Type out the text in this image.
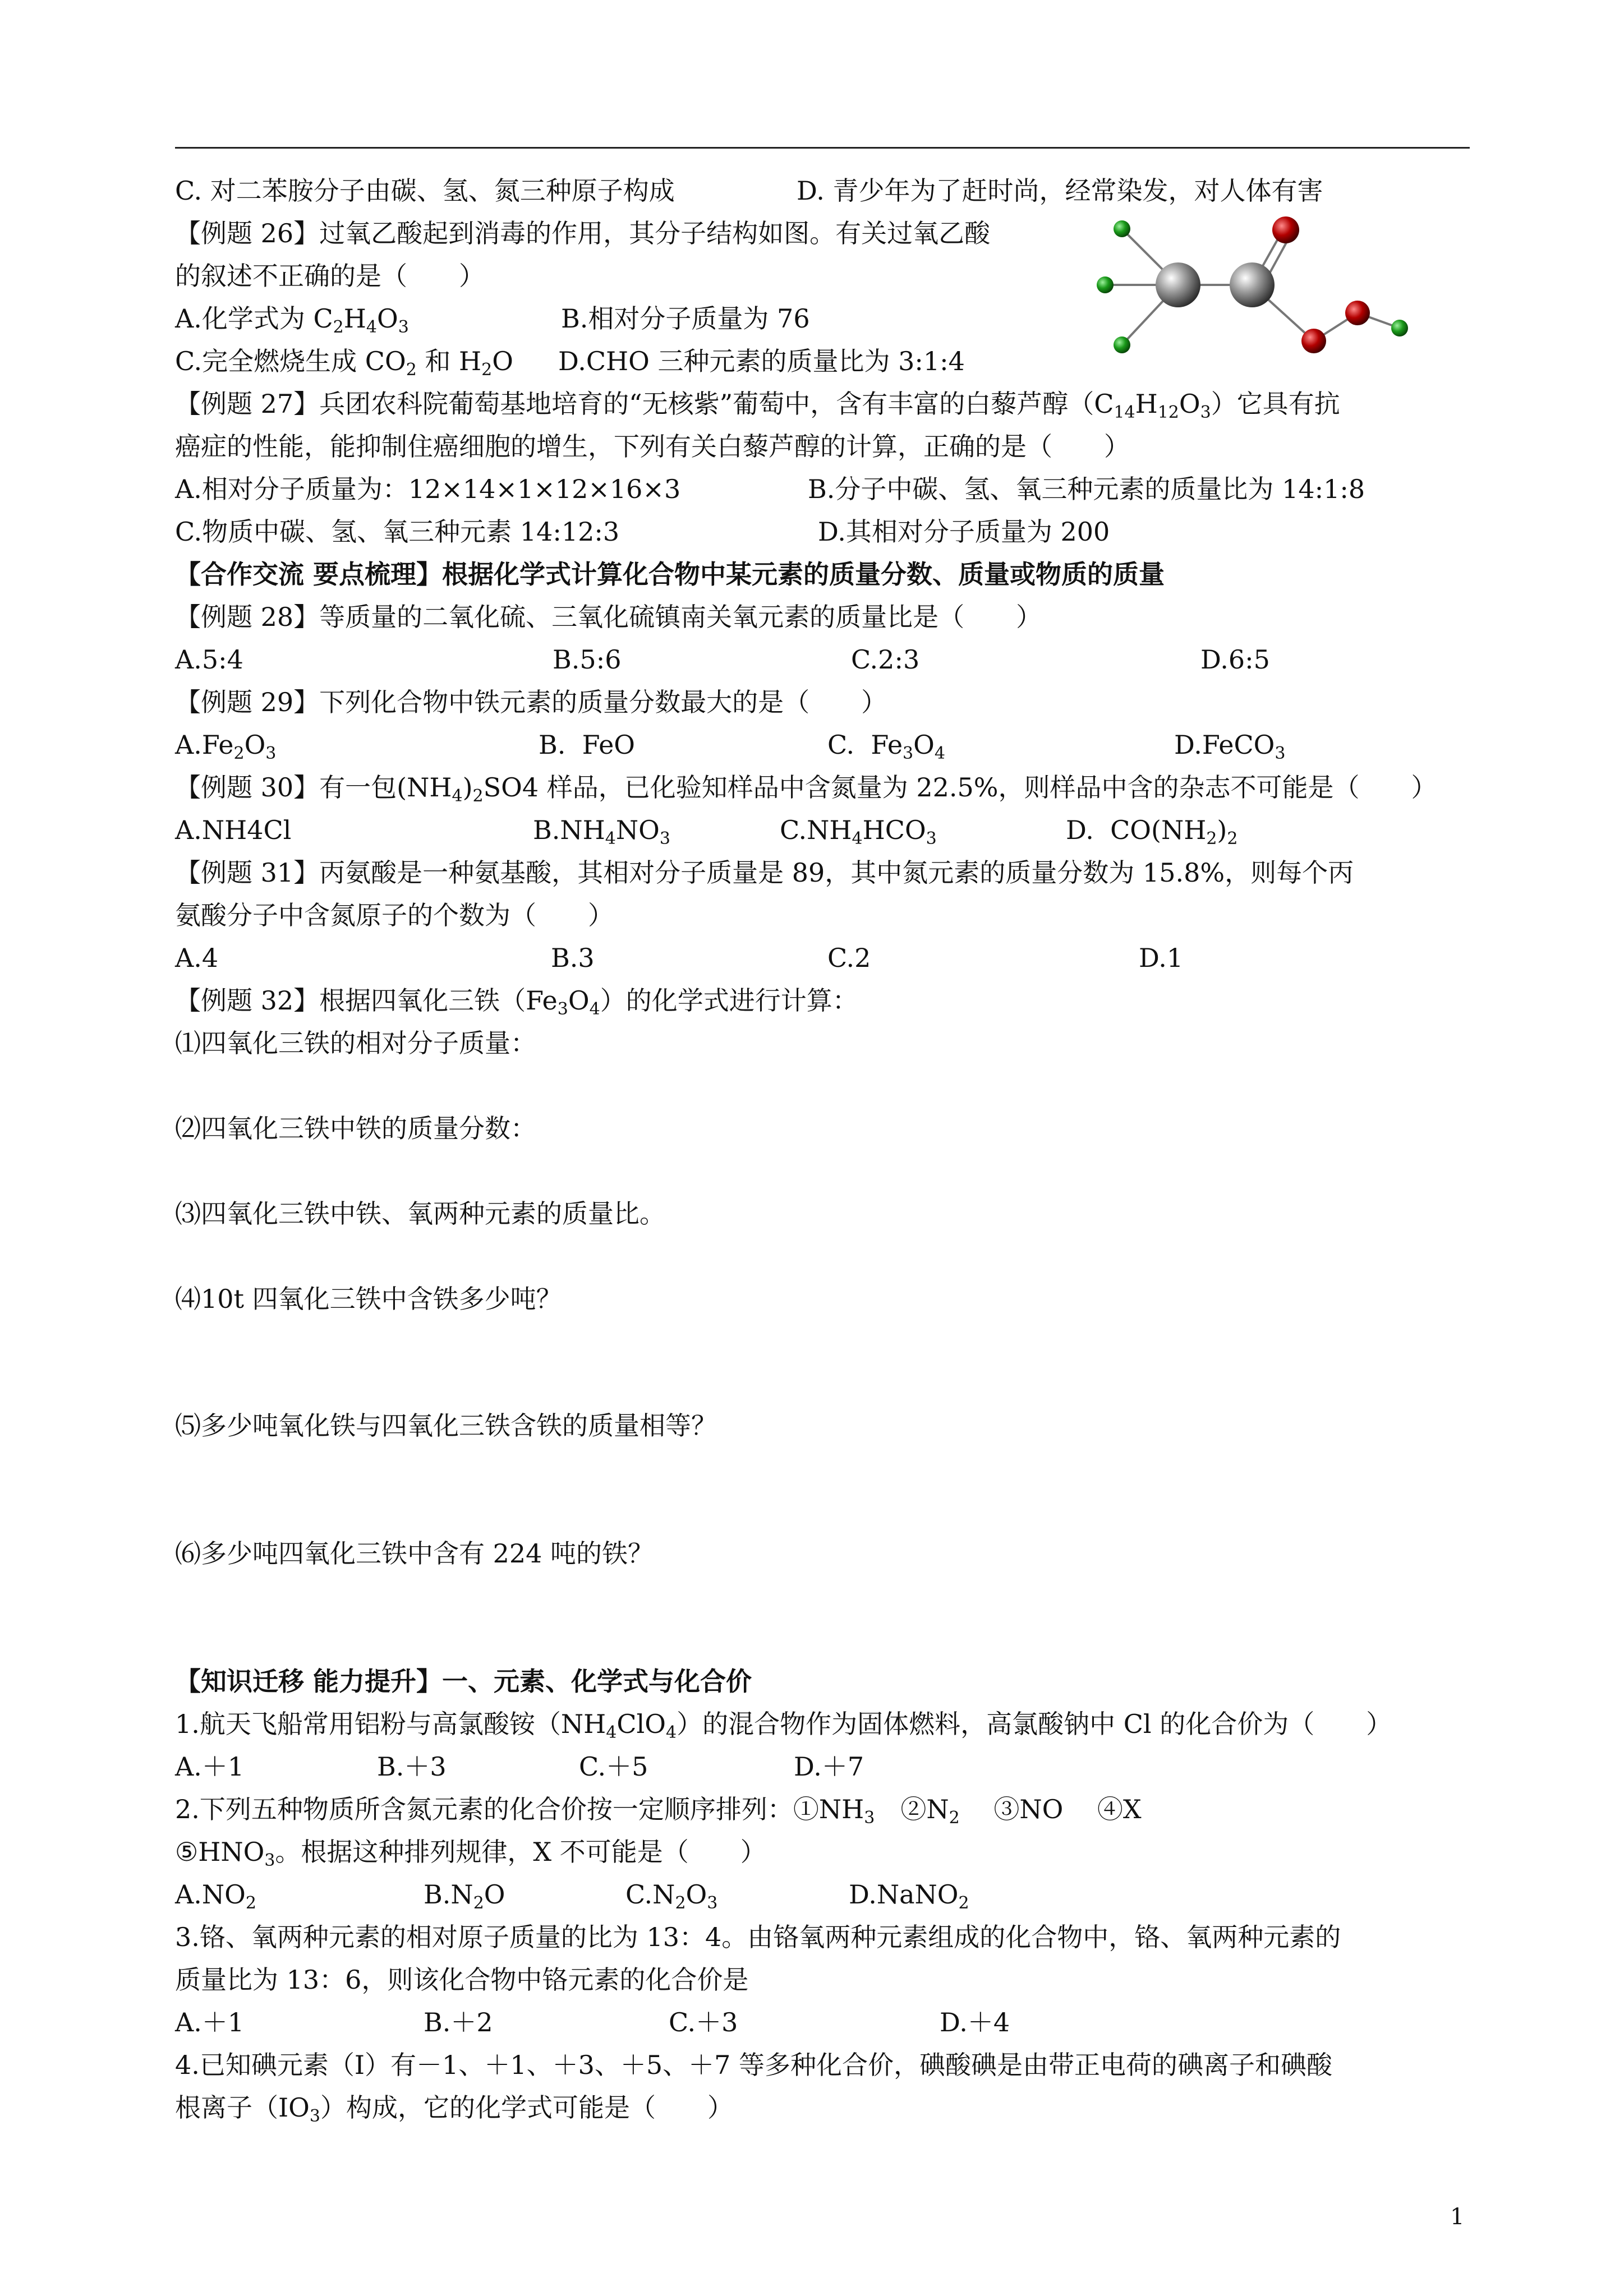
C. 对二苯胺分子由碳、氢、氮三种原子构成	D. 青少年为了赶时尚，经常染发，对人体有害
【例题 26】过氧乙酸起到消毒的作用，其分子结构如图。有关过氧乙酸
的叙述不正确的是（　　）
A.化学式为 $C_2H_4O_3$	B.相对分子质量为 76
C.完全燃烧生成 $CO_2$ 和 $H_2O$ D.CHO 三种元素的质量比为 3:1:4
【例题 27】兵团农科院葡萄基地培育的“无核紫”葡萄中，含有丰富的白藜芦醇$(C_{14}H_{12}O_3)$它具有抗
癌症的性能，能抑制住癌细胞的增生，下列有关白藜芦醇的计算，正确的是（　　）
A.相对分子质量为：12×14×1×12×16×3	B.分子中碳、氢、氧三种元素的质量比为 14:1:8
C.物质中碳、氢、氧三种元素 14:12:3	D.其相对分子质量为 200
【合作交流 要点梳理】根据化学式计算化合物中某元素的质量分数、质量或物质的质量
【例题 28】等质量的二氧化硫、三氧化硫镇南关氧元素的质量比是（　　）
A.5:4	B.5:6	C.2:3	D.6:5
【例题 29】下列化合物中铁元素的质量分数最大的是（　　）
$A.Fe_2O_3$	B.  FeO	C.  $Fe_3O_4$	D.FeCO$_3$
【例题 30】有一包$(NH_4)_2SO4$ 样品，已化验知样品中含氮量为 22.5%，则样品中含的杂志不可能是（　　）
A.NH4Cl	$B.NH_4NO_3$	$C.NH_4HCO_3$	D.  $CO(NH_2)_2$
【例题 31】丙氨酸是一种氨基酸，其相对分子质量是 89，其中氮元素的质量分数为 15.8%，则每个丙
氨酸分子中含氮原子的个数为（　　）
A.4	B.3	C.2	D.1
【例题 32】根据四氧化三铁$(Fe_3O_4)$的化学式进行计算：
⑴四氧化三铁的相对分子质量：
⑵四氧化三铁中铁的质量分数：
⑶四氧化三铁中铁、氧两种元素的质量比。
⑷10t 四氧化三铁中含铁多少吨？
⑸多少吨氧化铁与四氧化三铁含铁的质量相等？
⑹多少吨四氧化三铁中含有 224 吨的铁？
【知识迁移 能力提升】一、元素、化学式与化合价
1.航天飞船常用铝粉与高氯酸铵$(NH_4ClO_4)$的混合物作为固体燃料，高氯酸钠中 Cl 的化合价为（　　）
A.＋1	B.＋3	C.＋5	D.＋7
2.下列五种物质所含氮元素的化合价按一定顺序排列：$①NH_3$　$②N_2$　 ③NO　 ④X
$⑤HNO_3$。根据这种排列规律，X 不可能是（　　）
$A.NO_2$	$B.N_2O$	$C.N_2O_3$	D.NaNO$_2$
3.铬、氧两种元素的相对原子质量的比为 13：4。由铬氧两种元素组成的化合物中，铬、氧两种元素的
质量比为 13：6，则该化合物中铬元素的化合价是
A.＋1	B.＋2	C.＋3	D.＋4
4.已知碘元素（I）有－1、＋1、＋3、＋5、＋7 等多种化合价，碘酸碘是由带正电荷的碘离子和碘酸
根离子$(IO_3)$构成，它的化学式可能是（　　）
1
